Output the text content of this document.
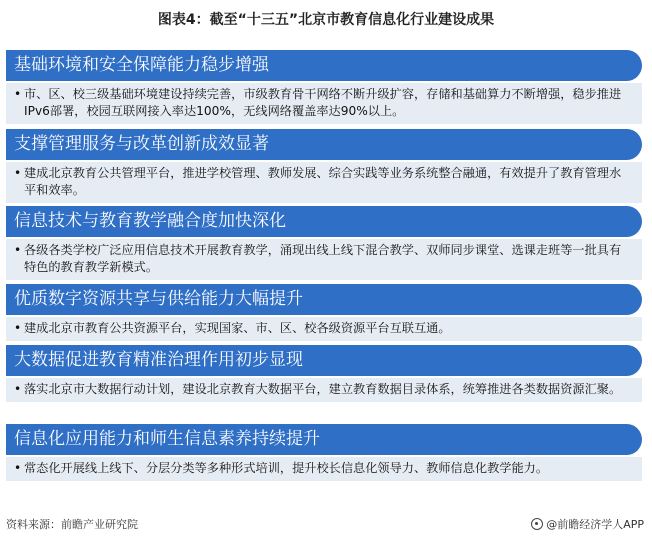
图表4：截至“十三五”北京市教育信息化行业建设成果
基础环境和安全保障能力稳步增强
• 市、区、校三级基础环境建设持续完善，市级教育骨干网络不断升级扩容，存储和基础算力不断增强，稳步推进IPv6部署，校园互联网接入率达100%，无线网络覆盖率达90%以上。
支撑管理服务与改革创新成效显著
• 建成北京教育公共管理平台，推进学校管理、教师发展、综合实践等业务系统整合融通，有效提升了教育管理水平和效率。
信息技术与教育教学融合度加快深化
• 各级各类学校广泛应用信息技术开展教育教学，涌现出线上线下混合教学、双师同步课堂、选课走班等一批具有特色的教育教学新模式。
优质数字资源共享与供给能力大幅提升
• 建成北京市教育公共资源平台，实现国家、市、区、校各级资源平台互联互通。
大数据促进教育精准治理作用初步显现
• 落实北京市大数据行动计划，建设北京教育大数据平台，建立教育数据目录体系，统筹推进各类数据资源汇聚。
信息化应用能力和师生信息素养持续提升
• 常态化开展线上线下、分层分类等多种形式培训，提升校长信息化领导力、教师信息化教学能力。
资料来源：前瞻产业研究院	@前瞻经济学人APP
